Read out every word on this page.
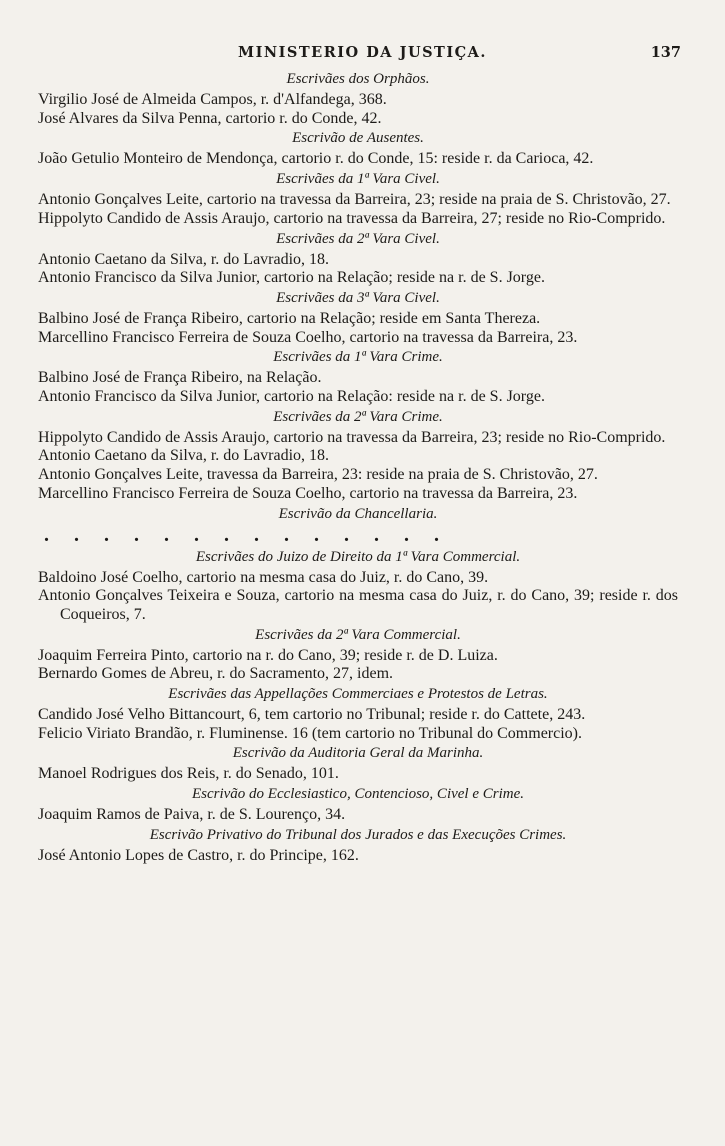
MINISTERIO DA JUSTIÇA.	137
Escrivães dos Orphãos.
Virgilio José de Almeida Campos, r. d'Alfandega, 368.
José Alvares da Silva Penna, cartorio r. do Conde, 42.
Escrivão de Ausentes.
João Getulio Monteiro de Mendonça, cartorio r. do Conde, 15: reside r. da Carioca, 42.
Escrivães da 1ª Vara Civel.
Antonio Gonçalves Leite, cartorio na travessa da Barreira, 23; reside na praia de S. Christovão, 27.
Hippolyto Candido de Assis Araujo, cartorio na travessa da Barreira, 27; reside no Rio-Comprido.
Escrivães da 2ª Vara Civel.
Antonio Caetano da Silva, r. do Lavradio, 18.
Antonio Francisco da Silva Junior, cartorio na Relação; reside na r. de S. Jorge.
Escrivães da 3ª Vara Civel.
Balbino José de França Ribeiro, cartorio na Relação; reside em Santa Thereza.
Marcellino Francisco Ferreira de Souza Coelho, cartorio na travessa da Barreira, 23.
Escrivães da 1ª Vara Crime.
Balbino José de França Ribeiro, na Relação.
Antonio Francisco da Silva Junior, cartorio na Relação: reside na r. de S. Jorge.
Escrivães da 2ª Vara Crime.
Hippolyto Candido de Assis Araujo, cartorio na travessa da Barreira, 23; reside no Rio-Comprido.
Antonio Caetano da Silva, r. do Lavradio, 18.
Antonio Gonçalves Leite, travessa da Barreira, 23: reside na praia de S. Christovão, 27.
Marcellino Francisco Ferreira de Souza Coelho, cartorio na travessa da Barreira, 23.
Escrivão da Chancellaria.
. . . . . . . . . . . . . .
Escrivães do Juizo de Direito da 1ª Vara Commercial.
Baldoino José Coelho, cartorio na mesma casa do Juiz, r. do Cano, 39.
Antonio Gonçalves Teixeira e Souza, cartorio na mesma casa do Juiz, r. do Cano, 39; reside r. dos Coqueiros, 7.
Escrivães da 2ª Vara Commercial.
Joaquim Ferreira Pinto, cartorio na r. do Cano, 39; reside r. de D. Luiza.
Bernardo Gomes de Abreu, r. do Sacramento, 27, idem.
Escrivães das Appellações Commerciaes e Protestos de Letras.
Candido José Velho Bittancourt, 6, tem cartorio no Tribunal; reside r. do Cattete, 243.
Felicio Viriato Brandão, r. Fluminense. 16 (tem cartorio no Tribunal do Commercio).
Escrivão da Auditoria Geral da Marinha.
Manoel Rodrigues dos Reis, r. do Senado, 101.
Escrivão do Ecclesiastico, Contencioso, Civel e Crime.
Joaquim Ramos de Paiva, r. de S. Lourenço, 34.
Escrivão Privativo do Tribunal dos Jurados e das Execuções Crimes.
José Antonio Lopes de Castro, r. do Principe, 162.
